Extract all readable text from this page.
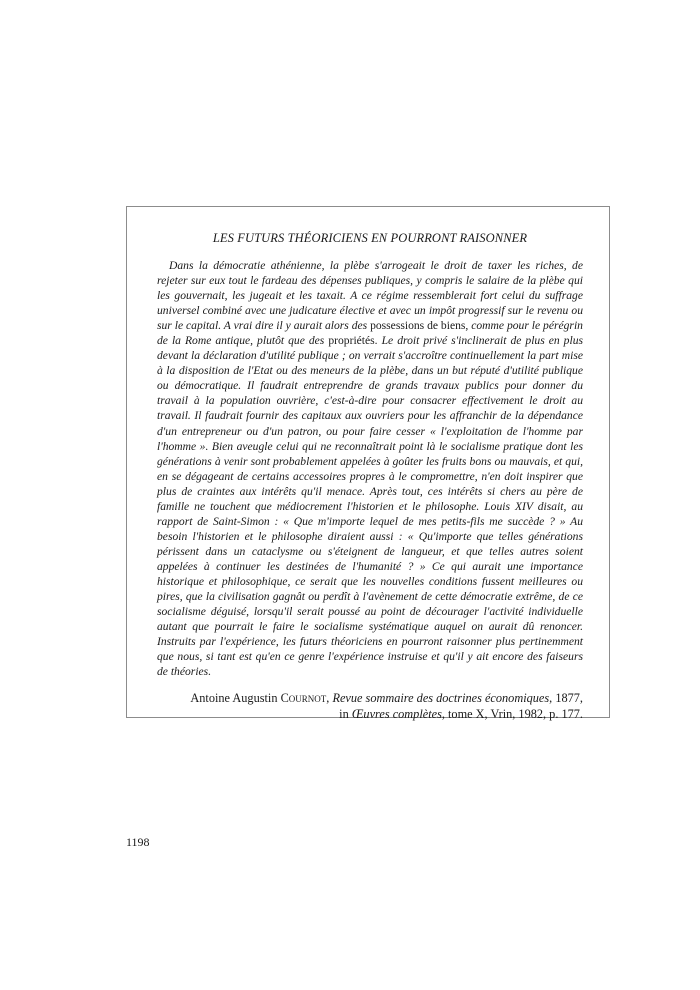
LES FUTURS THÉORICIENS EN POURRONT RAISONNER

Dans la démocratie athénienne, la plèbe s'arrogeait le droit de taxer les riches, de rejeter sur eux tout le fardeau des dépenses publiques, y compris le salaire de la plèbe qui les gouvernait, les jugeait et les taxait. A ce régime ressemblerait fort celui du suffrage universel combiné avec une judicature élective et avec un impôt progressif sur le revenu ou sur le capital. A vrai dire il y aurait alors des possessions de biens, comme pour le pérégrin de la Rome antique, plutôt que des propriétés. Le droit privé s'inclinerait de plus en plus devant la déclaration d'utilité publique ; on verrait s'accroître continuellement la part mise à la disposition de l'Etat ou des meneurs de la plèbe, dans un but réputé d'utilité publique ou démocratique. Il faudrait entreprendre de grands travaux publics pour donner du travail à la population ouvrière, c'est-à-dire pour consacrer effectivement le droit au travail. Il faudrait fournir des capitaux aux ouvriers pour les affranchir de la dépendance d'un entrepreneur ou d'un patron, ou pour faire cesser « l'exploitation de l'homme par l'homme ». Bien aveugle celui qui ne reconnaîtrait point là le socialisme pratique dont les générations à venir sont probablement appelées à goûter les fruits bons ou mauvais, et qui, en se dégageant de certains accessoires propres à le compromettre, n'en doit inspirer que plus de craintes aux intérêts qu'il menace. Après tout, ces intérêts si chers au père de famille ne touchent que médiocrement l'historien et le philosophe. Louis XIV disait, au rapport de Saint-Simon : « Que m'importe lequel de mes petits-fils me succède ? » Au besoin l'historien et le philosophe diraient aussi : « Qu'importe que telles générations périssent dans un cataclysme ou s'éteignent de langueur, et que telles autres soient appelées à continuer les destinées de l'humanité ? » Ce qui aurait une importance historique et philosophique, ce serait que les nouvelles conditions fussent meilleures ou pires, que la civilisation gagnât ou perdît à l'avènement de cette démocratie extrême, de ce socialisme déguisé, lorsqu'il serait poussé au point de décourager l'activité individuelle autant que pourrait le faire le socialisme systématique auquel on aurait dû renoncer. Instruits par l'expérience, les futurs théoriciens en pourront raisonner plus pertinemment que nous, si tant est qu'en ce genre l'expérience instruise et qu'il y ait encore des faiseurs de théories.

Antoine Augustin Cournot, Revue sommaire des doctrines économiques, 1877,
in Œuvres complètes, tome X, Vrin, 1982, p. 177.
1198
